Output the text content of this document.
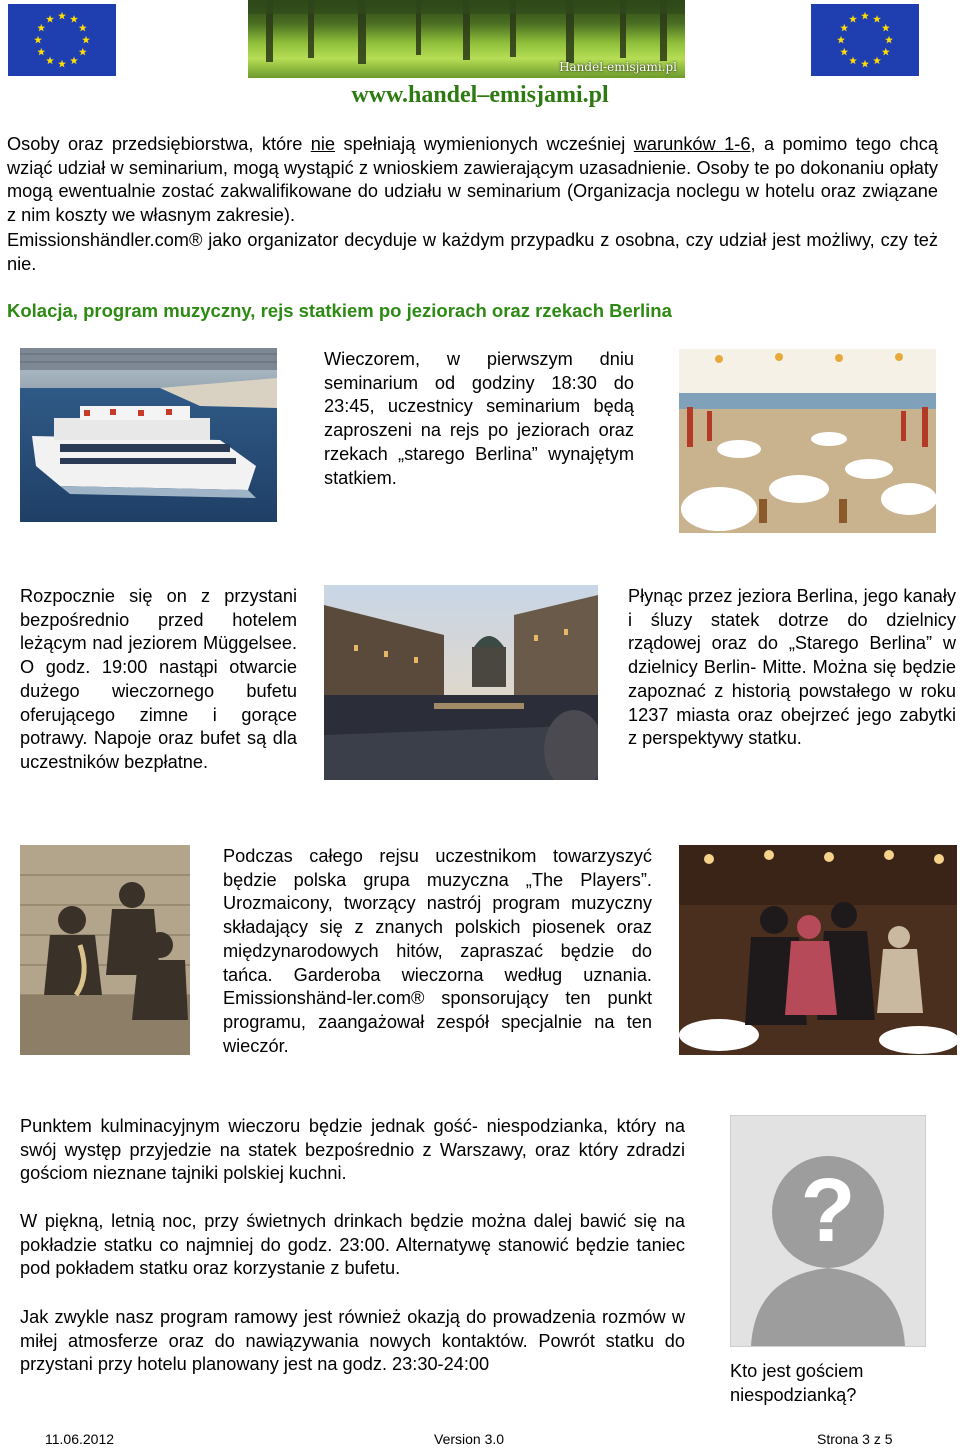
Handel-emisjami.pl
www.handel–emisjami.pl
Osoby oraz przedsiębiorstwa, które nie spełniają wymienionych wcześniej warunków 1-6, a pomimo tego chcą wziąć udział w seminarium, mogą wystąpić z wnioskiem zawierającym uzasadnienie. Osoby te po dokonaniu opłaty mogą ewentualnie zostać zakwalifikowane do udziału w seminarium (Organizacja noclegu w hotelu oraz związane z nim koszty we własnym zakresie).
Emissionshändler.com® jako organizator decyduje w każdym przypadku z osobna, czy udział jest możliwy, czy też nie.
Kolacja, program muzyczny, rejs statkiem po jeziorach oraz rzekach Berlina
Wieczorem, w pierwszym dniu seminarium od godziny 18:30 do 23:45, uczestnicy seminarium będą zaproszeni na rejs po jeziorach oraz rzekach „starego Berlina” wynajętym statkiem.
Rozpocznie się on z przystani bezpośrednio przed hotelem leżącym nad jeziorem Müggelsee. O godz. 19:00 nastąpi otwarcie dużego wieczornego bufetu oferującego zimne i gorące potrawy. Napoje oraz bufet są dla uczestników bezpłatne.
Płynąc przez jeziora Berlina, jego kanały i śluzy statek dotrze do dzielnicy rządowej oraz do „Starego Berlina” w dzielnicy Berlin- Mitte. Można się będzie zapoznać z historią powstałego w roku 1237 miasta oraz obejrzeć jego zabytki z perspektywy statku.
Podczas całego rejsu uczestnikom towarzyszyć będzie polska grupa muzyczna „The Players”. Urozmaicony, tworzący nastrój program muzyczny składający się z znanych polskich piosenek oraz międzynarodowych hitów, zapraszać będzie do tańca. Garderoba wieczorna według uznania. Emissionshänd-ler.com® sponsorujący ten punkt programu, zaangażował zespół specjalnie na ten wieczór.
Punktem kulminacyjnym wieczoru będzie jednak gość- niespodzianka, który na swój występ przyjedzie na statek bezpośrednio z Warszawy, oraz który zdradzi gościom nieznane tajniki polskiej kuchni.
W piękną, letnią noc, przy świetnych drinkach będzie można dalej bawić się na pokładzie statku co najmniej do godz. 23:00. Alternatywę stanowić będzie taniec pod pokładem statku oraz korzystanie z bufetu.
Jak zwykle nasz program ramowy jest również okazją do prowadzenia rozmów w miłej atmosferze oraz do nawiązywania nowych kontaktów. Powrót statku do przystani przy hotelu planowany jest na godz. 23:30-24:00
?
Kto jest gościem niespodzianką?
11.06.2012	Version 3.0	Strona 3 z 5
